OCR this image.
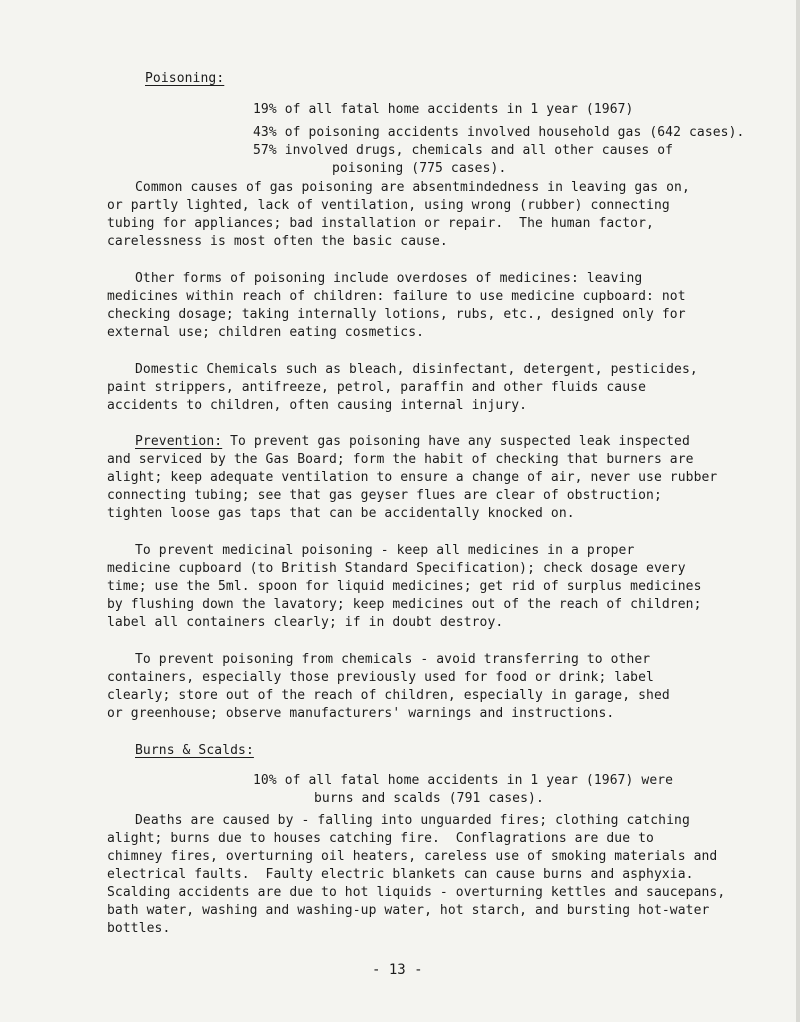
Poisoning:
19% of all fatal home accidents in 1 year (1967)
43% of poisoning accidents involved household gas (642 cases).
57% involved drugs, chemicals and all other causes of
poisoning (775 cases).
Common causes of gas poisoning are absentmindedness in leaving gas on,
or partly lighted, lack of ventilation, using wrong (rubber) connecting
tubing for appliances; bad installation or repair.  The human factor,
carelessness is most often the basic cause.
Other forms of poisoning include overdoses of medicines: leaving
medicines within reach of children: failure to use medicine cupboard: not
checking dosage; taking internally lotions, rubs, etc., designed only for
external use; children eating cosmetics.
Domestic Chemicals such as bleach, disinfectant, detergent, pesticides,
paint strippers, antifreeze, petrol, paraffin and other fluids cause
accidents to children, often causing internal injury.
Prevention: To prevent gas poisoning have any suspected leak inspected
and serviced by the Gas Board; form the habit of checking that burners are
alight; keep adequate ventilation to ensure a change of air, never use rubber
connecting tubing; see that gas geyser flues are clear of obstruction;
tighten loose gas taps that can be accidentally knocked on.
To prevent medicinal poisoning - keep all medicines in a proper
medicine cupboard (to British Standard Specification); check dosage every
time; use the 5ml. spoon for liquid medicines; get rid of surplus medicines
by flushing down the lavatory; keep medicines out of the reach of children;
label all containers clearly; if in doubt destroy.
To prevent poisoning from chemicals - avoid transferring to other
containers, especially those previously used for food or drink; label
clearly; store out of the reach of children, especially in garage, shed
or greenhouse; observe manufacturers' warnings and instructions.
Burns & Scalds:
10% of all fatal home accidents in 1 year (1967) were
burns and scalds (791 cases).
Deaths are caused by - falling into unguarded fires; clothing catching
alight; burns due to houses catching fire.  Conflagrations are due to
chimney fires, overturning oil heaters, careless use of smoking materials and
electrical faults.  Faulty electric blankets can cause burns and asphyxia.
Scalding accidents are due to hot liquids - overturning kettles and saucepans,
bath water, washing and washing-up water, hot starch, and bursting hot-water
bottles.
- 13 -
